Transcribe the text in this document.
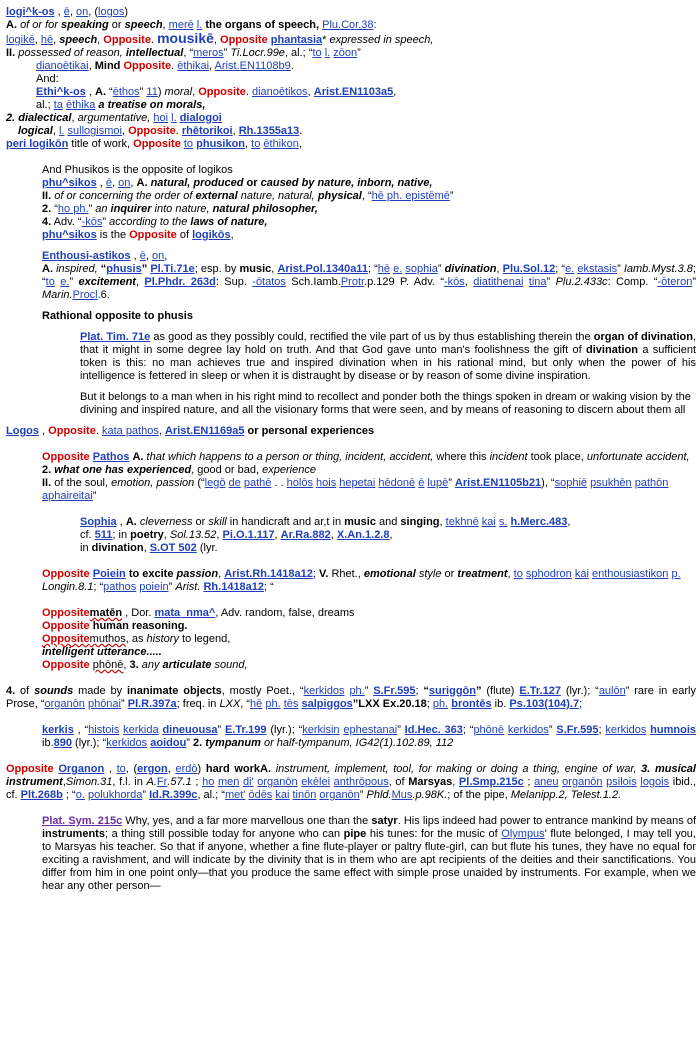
logi^k-os , ē, on, (logos)
A. of or for speaking or speech, merē l. the organs of speech, Plu.Cor.38:
logikē, hē, speech, Opposite. mousikē, Opposite phantasia* expressed in speech,
II. possessed of reason, intellectual, “meros” Ti.Locr.99e, al.; “to l. zōon”
dianoētikai, Mind Opposite. ēthikai, Arist.EN1108b9.
And:
Ethi^k-os , A. “ēthos” 11) moral, Opposite. dianoētikos, Arist.EN1103a5,
al.; ta ēthika a treatise on morals,
2. dialectical, argumentative, hoi l. dialogoi
logical, l. sullogismoi, Opposite. rhētorikoi, Rh.1355a13.
peri logikōn title of work, Opposite to phusikon, to ēthikon,
And Phusikos is the opposite of logikos
phu^sikos , ē, on, A. natural, produced or caused by nature, inborn, native,
II. of or concerning the order of external nature, natural, physical, “hē ph. epistēmē”
2. “ho ph.” an inquirer into nature, natural philosopher,
4. Adv. “-kōs” according to the laws of nature,
phu^sikos is the Opposite of logikōs,
Enthousi-astikos , ē, on,
A. inspired, “phusis” Pl.Ti.71e; esp. by music, Arist.Pol.1340a11; “hē e. sophia” divination, Plu.Sol.12; “e. ekstasis” Iamb.Myst.3.8; “to e.” excitement, Pl.Phdr. 263d: Sup. -ōtatos Sch.Iamb.Protr.p.129 P. Adv. “-kōs, diatithenai tina” Plu.2.433c: Comp. “-ōteron” Marin.Procl.6.
Rathional opposite to phusis
Plat. Tim. 71e as good as they possibly could, rectified the vile part of us by thus establishing therein the organ of divination, that it might in some degree lay hold on truth. And that God gave unto man's foolishness the gift of divination a sufficient token is this: no man achieves true and inspired divination when in his rational mind, but only when the power of his intelligence is fettered in sleep or when it is distraught by disease or by reason of some divine inspiration.
But it belongs to a man when in his right mind to recollect and ponder both the things spoken in dream or waking vision by the divining and inspired nature, and all the visionary forms that were seen, and by means of reasoning to discern about them all
Logos , Opposite. kata pathos, Arist.EN1169a5 or personal experiences
Opposite Pathos A. that which happens to a person or thing, incident, accident, where this incident took place, unfortunate accident,
2. what one has experienced, good or bad, experience
II. of the soul, emotion, passion (“legō de pathē . . holōs hois hepetai hēdonē ē lupē” Arist.EN1105b21), “sophiē psukhēn pathōn aphaireitai”
Sophia , A. cleverness or skill in handicraft and ar,t in music and singing, tekhnē kai s. h.Merc.483,
cf. 511; in poetry, Sol.13.52, Pi.O.1.117, Ar.Ra.882, X.An.1.2.8,
in divination, S.OT 502 (lyr.
Opposite Poiein to excite passion, Arist.Rh.1418a12; V. Rhet., emotional style or treatment, to sphodron kai enthousiastikon p. Longin.8.1; “pathos poiein” Arist. Rh.1418a12; “
Oppositematēn , Dor. mata_nma^, Adv. random, false, dreams
Opposite human reasoning.
Oppositemuthos, as history to legend,
intelligent utterance.....
Opposite phōnē, 3. any articulate sound,
4. of sounds made by inanimate objects, mostly Poet., “kerkidos ph.” S.Fr.595; “suriggōn” (flute) E.Tr.127 (lyr.); “aulōn” rare in early Prose, “organōn phōnai” Pl.R.397a; freq. in LXX, “hē ph. tēs salpiggos”LXX Ex.20.18; ph. brontēs ib. Ps.103(104).7;
kerkis , “histois kerkida dineuousa” E.Tr.199 (lyr.); “kerkisin ephestanai” Id.Hec. 363; “phōnē kerkidos” S.Fr.595; kerkidos humnois ib.890 (lyr.); “kerkidos aoidou” 2. tympanum or half-tympanum, IG42(1).102.89, 112
Opposite Organon , to, (ergon, erdō) hard workA. instrument, implement, tool, for making or doing a thing, engine of war, 3. musical instrument,Simon.31, f.l. in A.Fr.57.1 ; ho men di' organōn ekēlei anthrōpous, of Marsyas, Pl.Smp.215c ; aneu organōn psilois logois ibid., cf. Plt.268b ; “o. polukhorda” Id.R.399c, al.; “met' ōdēs kai tinōn organōn” Phld.Mus.p.98K.; of the pipe, Melanipp.2, Telest.1.2.
Plat. Sym. 215c Why, yes, and a far more marvellous one than the satyr. His lips indeed had power to entrance mankind by means of instruments; a thing still possible today for anyone who can pipe his tunes: for the music of Olympus' flute belonged, I may tell you, to Marsyas his teacher. So that if anyone, whether a fine flute-player or paltry flute-girl, can but flute his tunes, they have no equal for exciting a ravishment, and will indicate by the divinity that is in them who are apt recipients of the deities and their sanctifications. You differ from him in one point only—that you produce the same effect with simple prose unaided by instruments. For example, when we hear any other person—
